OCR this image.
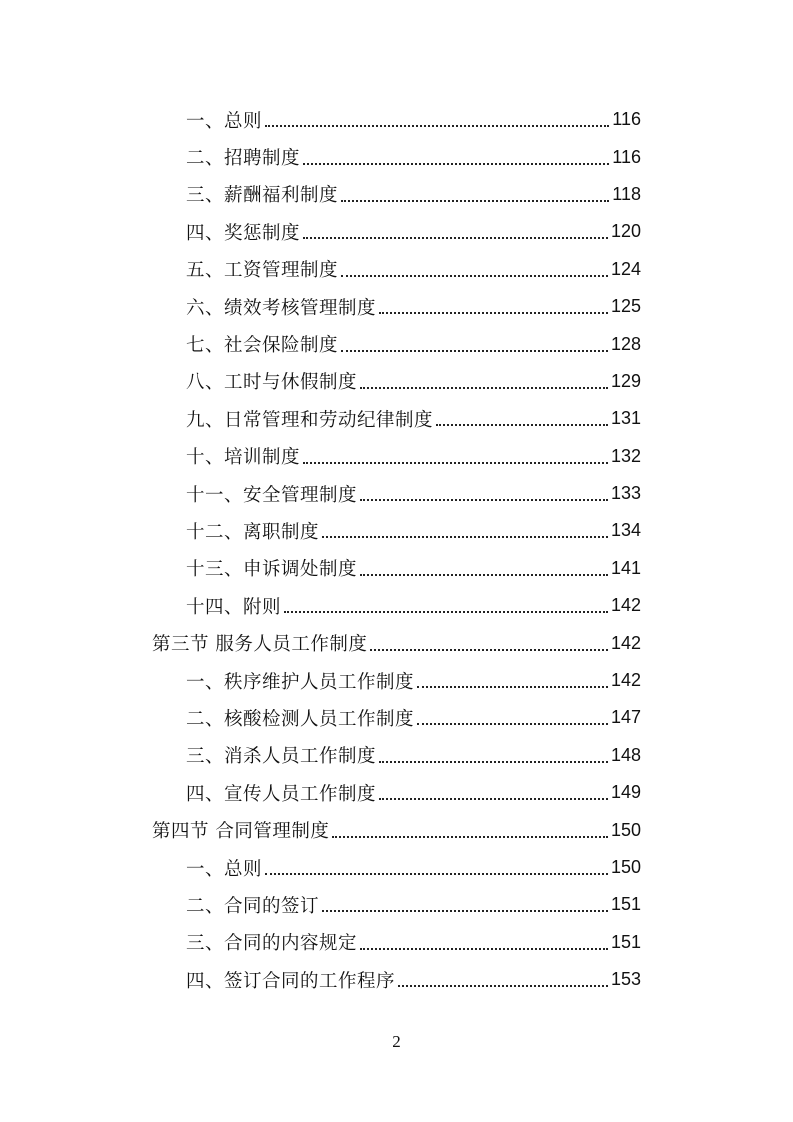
一、总则	116
二、招聘制度	116
三、薪酬福利制度	118
四、奖惩制度	120
五、工资管理制度	124
六、绩效考核管理制度	125
七、社会保险制度	128
八、工时与休假制度	129
九、日常管理和劳动纪律制度	131
十、培训制度	132
十一、安全管理制度	133
十二、离职制度	134
十三、申诉调处制度	141
十四、附则	142
第三节 服务人员工作制度	142
一、秩序维护人员工作制度	142
二、核酸检测人员工作制度	147
三、消杀人员工作制度	148
四、宣传人员工作制度	149
第四节 合同管理制度	150
一、总则	150
二、合同的签订	151
三、合同的内容规定	151
四、签订合同的工作程序	153
2
